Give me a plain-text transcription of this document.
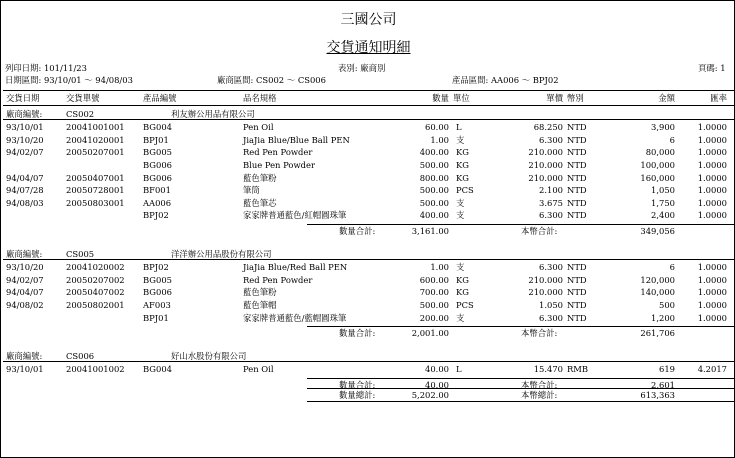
三國公司
交貨通知明細
列印日期: 101/11/23	表別: 廠商別	頁碼: 1
日期區間: 93/10/01 ～ 94/08/03	廠商區間: CS002 ～ CS006	產品區間: AA006 ～ BPJ02
交貨日期	交貨單號	產品編號	品名規格	數量 單位	單價 幣別	金額	匯率
廠商編號:	CS002	利友辦公用品有限公司
93/10/01	20041001001 BG004	Pen Oil	60.00 L	68.250 NTD	3,900	1.0000
93/10/20	20041020001 BPJ01	JiaJia Blue/Blue Ball PEN	1.00 支	6.300 NTD	6	1.0000
94/02/07	20050207001 BG005	Red Pen Powder	400.00 KG	210.000 NTD	80,000	1.0000
BG006	Blue Pen Powder	500.00 KG	210.000 NTD	100,000	1.0000
94/04/07	20050407001 BG006	藍色筆粉	800.00 KG	210.000 NTD	160,000	1.0000
94/07/28	20050728001 BF001	筆筒	500.00 PCS	2.100 NTD	1,050	1.0000
94/08/03	20050803001 AA006	藍色筆芯	500.00 支	3.675 NTD	1,750	1.0000
BPJ02	家家牌普通藍色/紅帽圓珠筆	400.00 支	6.300 NTD	2,400	1.0000
數量合計:	3,161.00	本幣合計:	349,056
廠商編號:	CS005	洋洋辦公用品股份有限公司
93/10/20	20041020002 BPJ02	JiaJia Blue/Red Ball PEN	1.00 支	6.300 NTD	6	1.0000
94/02/07	20050207002 BG005	Red Pen Powder	600.00 KG	210.000 NTD	120,000	1.0000
94/04/07	20050407002 BG006	藍色筆粉	700.00 KG	210.000 NTD	140,000	1.0000
94/08/02	20050802001 AF003	藍色筆帽	500.00 PCS	1.050 NTD	500	1.0000
BPJ01	家家牌普通藍色/藍帽圓珠筆	200.00 支	6.300 NTD	1,200	1.0000
數量合計:	2,001.00	本幣合計:	261,706
廠商編號:	CS006	好山水股份有限公司
93/10/01	20041001002 BG004	Pen Oil	40.00 L	15.470 RMB	619	4.2017
數量合計:	40.00	本幣合計:	2,601
數量總計:	5,202.00	本幣總計:	613,363
